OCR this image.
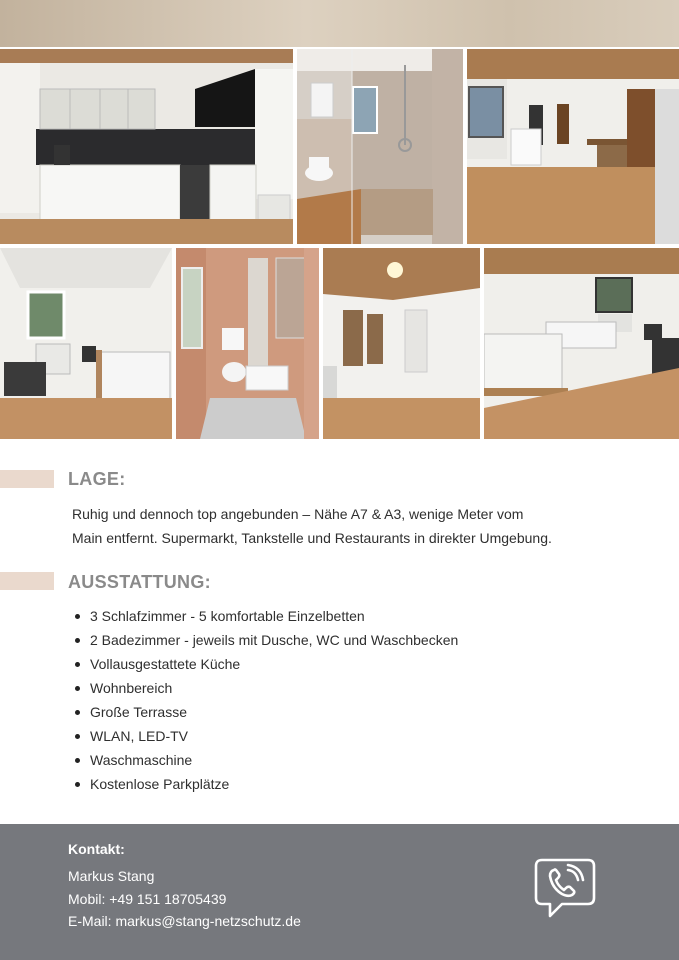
LAGE:
Ruhig und dennoch top angebunden – Nähe A7 & A3, wenige Meter vom
Main entfernt. Supermarkt, Tankstelle und Restaurants in direkter Umgebung.
AUSSTATTUNG:
3 Schlafzimmer - 5 komfortable Einzelbetten
2 Badezimmer - jeweils mit Dusche, WC und Waschbecken
Vollausgestattete Küche
Wohnbereich
Große Terrasse
WLAN, LED-TV
Waschmaschine
Kostenlose Parkplätze
Kontakt:
Markus Stang
Mobil: +49 151 18705439
E-Mail: markus@stang-netzschutz.de
